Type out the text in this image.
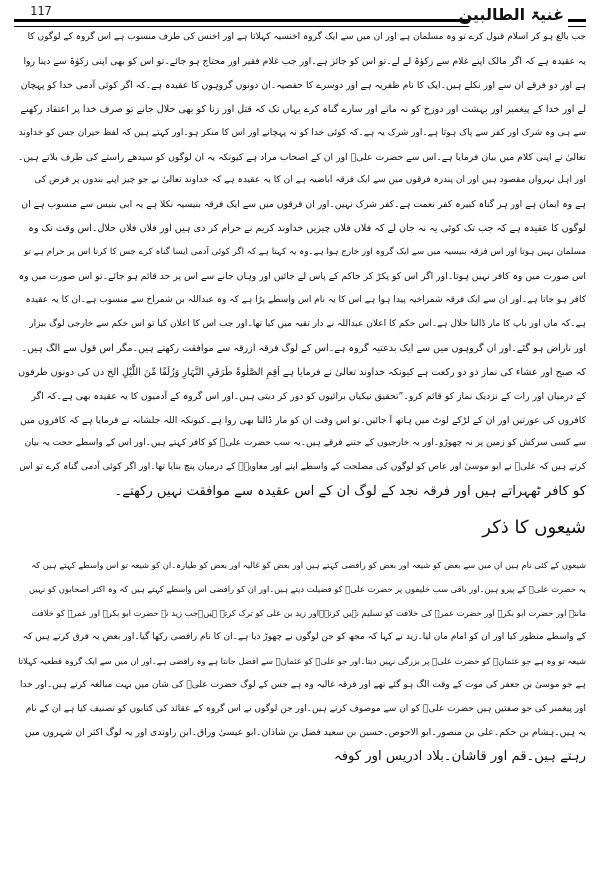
117	غنیۃ الطالبین
جب بالغ ہو کر اسلام قبول کرے تو وہ مسلمان ہے اور ان میں سے ایک گروہ اخنسیہ کہلاتا ہے اور اخنس کی طرف منسوب ہے اس گروہ کے لوگوں کا
یہ عقیدہ ہے کہ اگر مالک اپنے غلام سے زکوٰۃ لے لے۔تو اس کو جائز ہے۔اور جب غلام فقیر اور محتاج ہو جائے۔تو اس کو بھی اپنی زکوٰۃ سے دینا روا
ہے اور دو فرقے ان سے اور نکلے ہیں۔ایک کا نام ظفریہ ہے اور دوسرے کا حفصیہ۔ان دونوں گروہوں کا عقیدہ ہے۔کہ اگر کوئی آدمی خدا کو پہچان
لے اور خدا کے پیغمبر اور بہشت اور دوزخ کو نہ مانے اور سارے گناہ کرے یہاں تک کہ قتل اور زنا کو بھی حلال جانے تو صرف خدا پر اعتقاد رکھنے
سے ہی وہ شرک اور کفر سے پاک ہوتا ہے۔اور شرک یہ ہے۔کہ کوئی خدا کو نہ پہچانے اور اس کا منکر ہو۔اور کہتے ہیں کہ لفظ حیران جس کو خداوند
تعالیٰ نے اپنی کلام میں بیان فرمایا ہے۔اس سے حضرت علیؓ اور ان کے اصحاب مراد ہے کیونکہ یہ ان لوگوں کو سیدھے راستے کی طرف بلاتے ہیں۔
اور اہل نہرواں مقصود ہیں اور ان پندرہ فرقوں میں سے ایک فرقہ اباضیہ ہے ان کا یہ عقیدہ ہے کہ خداوند تعالیٰ نے جو چیز اپنے بندوں پر فرض کی
ہے وہ ایمان ہے اور ہر گناہ کبیرہ کفر نعمت ہے۔کفر شرک نہیں۔اور ان فرقوں میں سے ایک فرقہ بنیسیہ نکلا ہے یہ ابی بنیس سے منسوب ہے ان
لوگوں کا عقیدہ ہے کہ جب تک کوئی یہ نہ جان لے کہ فلاں فلاں چیزیں خداوند کریم نے حرام کر دی ہیں اور فلاں فلاں حلال۔اس وقت تک وہ
مسلمان نہیں ہوتا اور اس فرقہ بنیسیہ میں سے ایک گروہ اور خارج ہوا ہے۔وہ یہ کہتا ہے کہ اگر کوئی آدمی ایسا گناہ کرے جس کا کرنا اس پر حرام ہے تو
اس صورت میں وہ کافر نہیں ہوتا۔اور اگر اس کو پکڑ کر حاکم کے پاس لے جائیں اور وہاں جانے سے اس پر حد قائم ہو جائے۔تو اس صورت میں وہ
کافر ہو جاتا ہے۔اور ان سے ایک فرقہ شمراخیہ پیدا ہوا ہے اس کا یہ نام اس واسطے پڑا ہے کہ وہ عبداللہ بن شمراخ سے منسوب ہے۔ان کا یہ عقیدہ
ہے۔کہ ماں اور باپ کا مار ڈالنا حلال ہے۔اس حکم کا اعلان عبداللہ نے دار تقیہ میں کیا تھا۔اور جب اس کا اعلان کیا تو اس حکم سے خارجی لوگ بیزار
اور ناراض ہو گئے۔اور ان گروہوں میں سے ایک بدعتیہ گروہ ہے۔اس کے لوگ فرقہ ازرقہ سے موافقت رکھتے ہیں۔مگر اس قول سے الگ ہیں۔
کہ صبح اور عشاء کی نماز دو دو رکعت ہے کیونکہ خداوند تعالیٰ نے فرمایا ہے اَقِمِ الصَّلٰوۃَ طَرَفَیِ النَّہَارِ وَزُلَفًا مِّنَ اللَّیْلِ الخ دن کی دونوں طرفوں
کے درمیان اور رات کے نزدیک نماز کو قائم کرو۔”تحقیق نیکیاں برائیوں کو دور کر دیتی ہیں۔اور اس گروہ کے آدمیوں کا یہ عقیدہ بھی ہے۔کہ اگر
کافروں کی عورتیں اور ان کے لڑکے لوٹ میں ہاتھ آ جائیں۔تو اس وقت ان کو مار ڈالنا بھی روا ہے۔کیونکہ اللہ جلشانہ نے فرمایا ہے کہ کافروں میں
سے کسی سرکش کو زمین پر نہ چھوڑو۔اور یہ خارجیوں کے جتنے فرقے ہیں۔یہ سب حضرت علیؓ کو کافر کہتے ہیں۔اور اس کے واسطے حجت یہ بیان
کرتے ہیں کہ علیؓ نے ابو موسیٰ اور عاص کو لوگوں کی مصلحت کے واسطے اپنے اور معاویہؓ کے درمیان پنچ بنایا تھا۔اور اگر کوئی آدمی گناہ کرے تو اس
کو کافر ٹھہراتے ہیں اور فرقہ نجد کے لوگ ان کے اس عقیدہ سے موافقت نہیں رکھتے۔
شیعوں کا ذکر
شیعوں کے کئی نام ہیں ان میں سے بعض کو شیعہ اور بعض کو رافضی کہتے ہیں اور بعض کو غالیہ اور بعض کو طیارہ۔ان کو شیعہ تو اس واسطے کہتے ہیں کہ
یہ حضرت علیؓ کے پیرو ہیں۔اور باقی سب خلیفوں پر حضرت علیؓ کو فضیلت دیتے ہیں۔اور ان کو رافضی اس واسطے کہتے ہیں کہ وہ اکثر اصحابوں کو نہیں
مانتے اور حضرت ابو بکرؓ اور حضرت عمرؓ کی خلافت کو تسلیم نہیں کرتے۔اور زید بن علی کو ترک کرتے ہیں۔جب زید نے حضرت ابو بکرؓ اور عمرؓ کو خلافت
کے واسطے منظور کیا اور ان کو امام مان لیا۔زید نے کہا کہ مجھ کو جن لوگوں نے چھوڑ دیا ہے۔ان کا نام رافضی رکھا گیا۔اور بعض یہ فرق کرتے ہیں کہ
شیعہ تو وہ ہے جو عثمانؓ کو حضرت علیؓ پر بزرگی نہیں دیتا۔اور جو علیؓ کو عثمانؓ سے افضل جانتا ہے وہ رافضی ہے۔اور ان میں سے ایک گروہ قطعیہ کہلاتا
ہے جو موسیٰ بن جعفر کی موت کے وقت الگ ہو گئے تھے اور فرقہ غالیہ وہ ہے جس کے لوگ حضرت علیؓ کی شان میں بہت مبالغہ کرتے ہیں۔اور خدا
اور پیغمبر کی جو صفتیں ہیں حضرت علیؓ کو ان سے موصوف کرتے ہیں۔اور جن لوگوں نے اس گروہ کے عقائد کی کتابوں کو تصنیف کیا ہے ان کے نام
یہ ہیں۔ہشام بن حکم۔علی بن منصور۔ابو الاحوص۔حسین بن سعید فضل بن شاذان۔ابو عیسیٰ وراق۔ابن راوندی اور یہ لوگ اکثر ان شہروں میں
رہتے ہیں۔قم اور قاشان۔بلاد ادریس اور کوفہ
